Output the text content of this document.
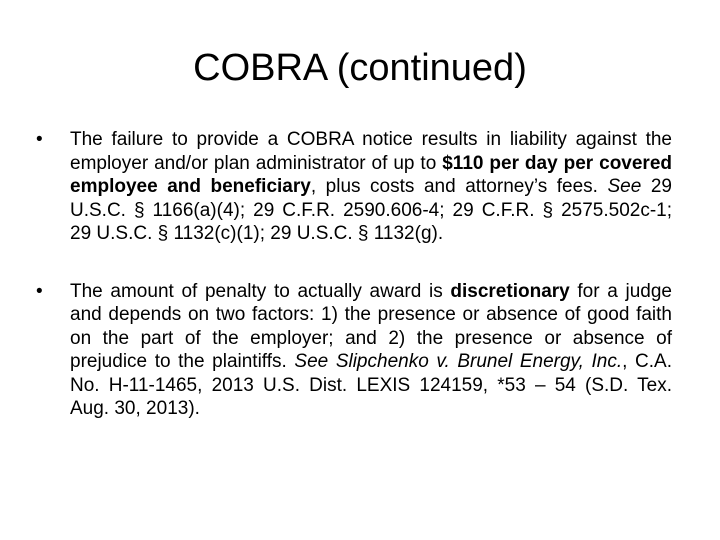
COBRA (continued)
•	The failure to provide a COBRA notice results in liability against the employer and/or plan administrator of up to $110 per day per covered employee and beneficiary, plus costs and attorney’s fees. See 29 U.S.C. § 1166(a)(4); 29 C.F.R. 2590.606-4; 29 C.F.R. § 2575.502c-1; 29 U.S.C. § 1132(c)(1); 29 U.S.C. § 1132(g).
•	The amount of penalty to actually award is discretionary for a judge and depends on two factors: 1) the presence or absence of good faith on the part of the employer; and 2) the presence or absence of prejudice to the plaintiffs. See Slipchenko v. Brunel Energy, Inc., C.A. No. H-11-1465, 2013 U.S. Dist. LEXIS 124159, *53 – 54 (S.D. Tex. Aug. 30, 2013).
